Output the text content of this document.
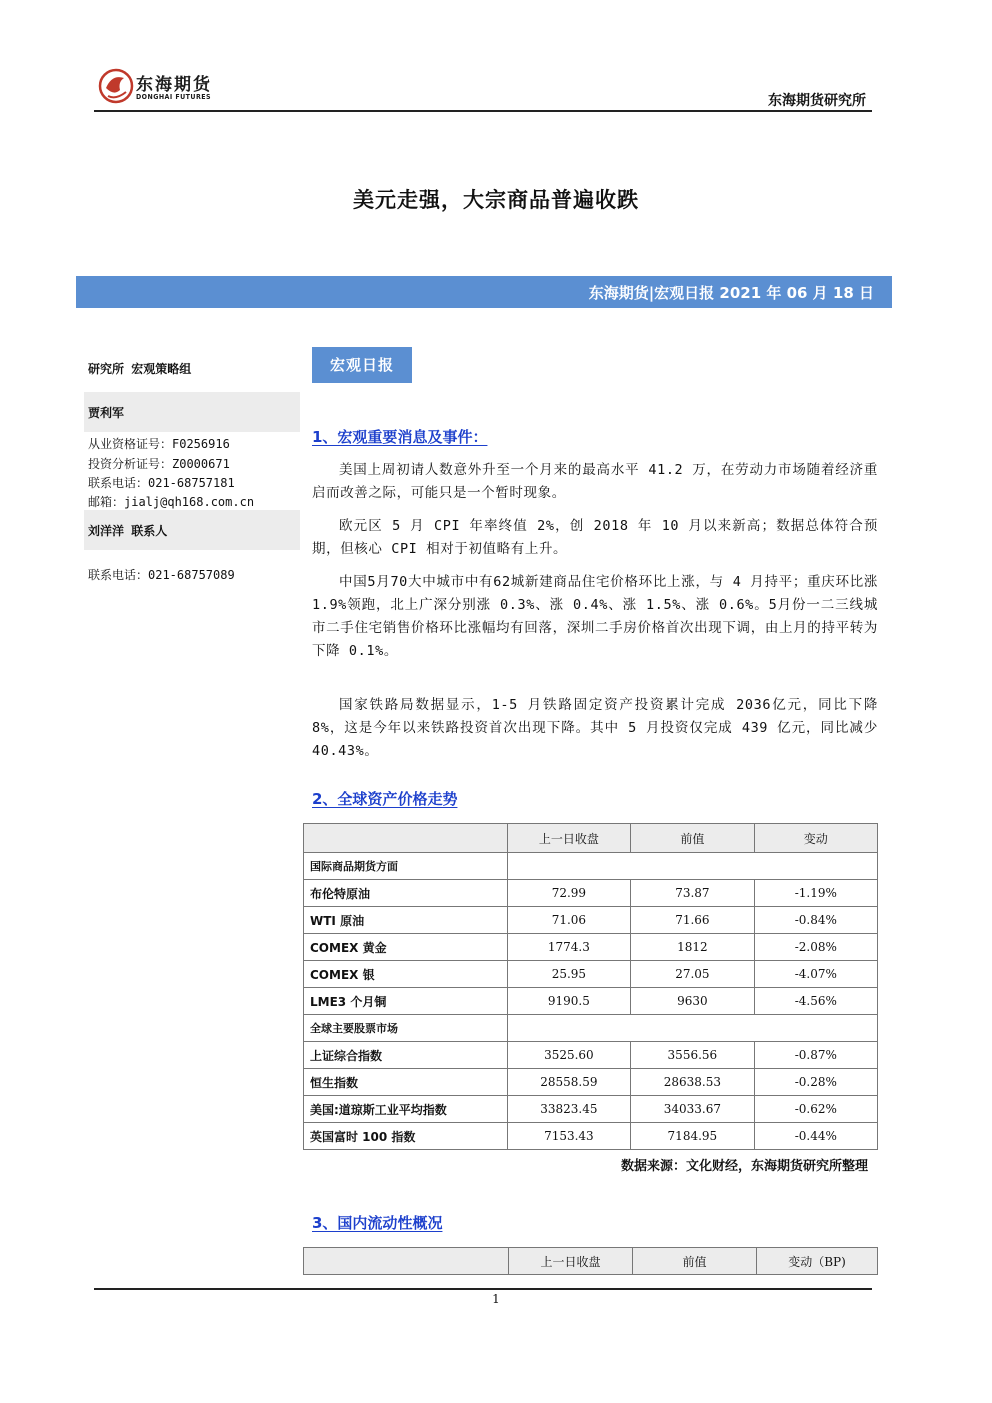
东海期货
DONGHAI FUTURES	东海期货研究所
美元走强，大宗商品普遍收跌
东海期货|宏观日报 2021 年 06 月 18 日
研究所 宏观策略组
贾利军
从业资格证号：F0256916
投资分析证号：Z0000671
联系电话：021-68757181
邮箱：jialj@qh168.com.cn
刘洋洋 联系人
联系电话：021-68757089
宏观日报
1、宏观重要消息及事件：
美国上周初请人数意外升至一个月来的最高水平 41.2 万，在劳动力市场随着经济重启而改善之际，可能只是一个暂时现象。
欧元区 5 月 CPI 年率终值 2%，创 2018 年 10 月以来新高；数据总体符合预期，但核心 CPI 相对于初值略有上升。
中国5月70大中城市中有62城新建商品住宅价格环比上涨，与 4 月持平；重庆环比涨 1.9%领跑，北上广深分别涨 0.3%、涨 0.4%、涨 1.5%、涨 0.6%。5月份一二三线城市二手住宅销售价格环比涨幅均有回落，深圳二手房价格首次出现下调，由上月的持平转为下降 0.1%。
国家铁路局数据显示，1-5 月铁路固定资产投资累计完成 2036亿元，同比下降 8%，这是今年以来铁路投资首次出现下降。其中 5 月投资仅完成 439 亿元，同比减少 40.43%。
2、全球资产价格走势
	上一日收盘	前值	变动
国际商品期货方面			
布伦特原油	72.99	73.87	-1.19%
WTI 原油	71.06	71.66	-0.84%
COMEX 黄金	1774.3	1812	-2.08%
COMEX 银	25.95	27.05	-4.07%
LME3 个月铜	9190.5	9630	-4.56%
全球主要股票市场			
上证综合指数	3525.60	3556.56	-0.87%
恒生指数	28558.59	28638.53	-0.28%
美国:道琼斯工业平均指数	33823.45	34033.67	-0.62%
英国富时 100 指数	7153.43	7184.95	-0.44%
数据来源：文化财经，东海期货研究所整理
3、国内流动性概况
	上一日收盘	前值	变动（BP)
1
